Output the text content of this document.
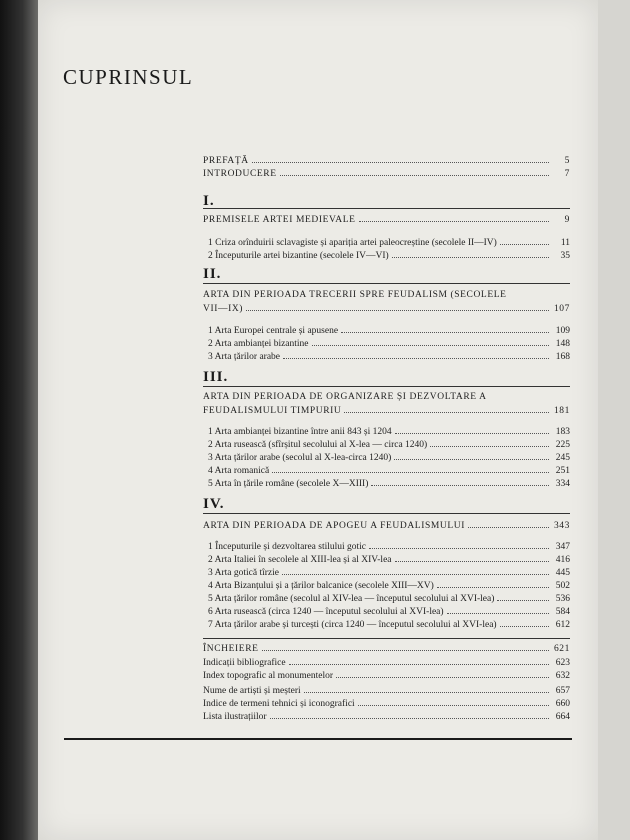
CUPRINSUL
PREFAȚĂ	5
INTRODUCERE	7
I.
PREMISELE ARTEI MEDIEVALE	9
1 Criza orînduirii sclavagiste și apariția artei paleocreștine (secolele II—IV)	11
2 Începuturile artei bizantine (secolele IV—VI)	35
II.
ARTA DIN PERIOADA TRECERII SPRE FEUDALISM (SECOLELE
VII—IX)	107
1 Arta Europei centrale și apusene	109
2 Arta ambianței bizantine	148
3 Arta țărilor arabe	168
III.
ARTA DIN PERIOADA DE ORGANIZARE ȘI DEZVOLTARE A
FEUDALISMULUI TIMPURIU	181
1 Arta ambianței bizantine între anii 843 și 1204	183
2 Arta rusească (sfîrșitul secolului al X-lea — circa 1240)	225
3 Arta țărilor arabe (secolul al X-lea-circa 1240)	245
4 Arta romanică	251
5 Arta în țările române (secolele X—XIII)	334
IV.
ARTA DIN PERIOADA DE APOGEU A FEUDALISMULUI	343
1 Începuturile și dezvoltarea stilului gotic	347
2 Arta Italiei în secolele al XIII-lea și al XIV-lea	416
3 Arta gotică tîrzie	445
4 Arta Bizanțului și a țărilor balcanice (secolele XIII—XV)	502
5 Arta țărilor române (secolul al XIV-lea — începutul secolului al XVI-lea)	536
6 Arta rusească (circa 1240 — începutul secolului al XVI-lea)	584
7 Arta țărilor arabe și turcești (circa 1240 — începutul secolului al XVI-lea)	612
ÎNCHEIERE	621
Indicații bibliografice	623
Index topografic al monumentelor	632
Nume de artiști și meșteri	657
Indice de termeni tehnici și iconografici	660
Lista ilustrațiilor	664
